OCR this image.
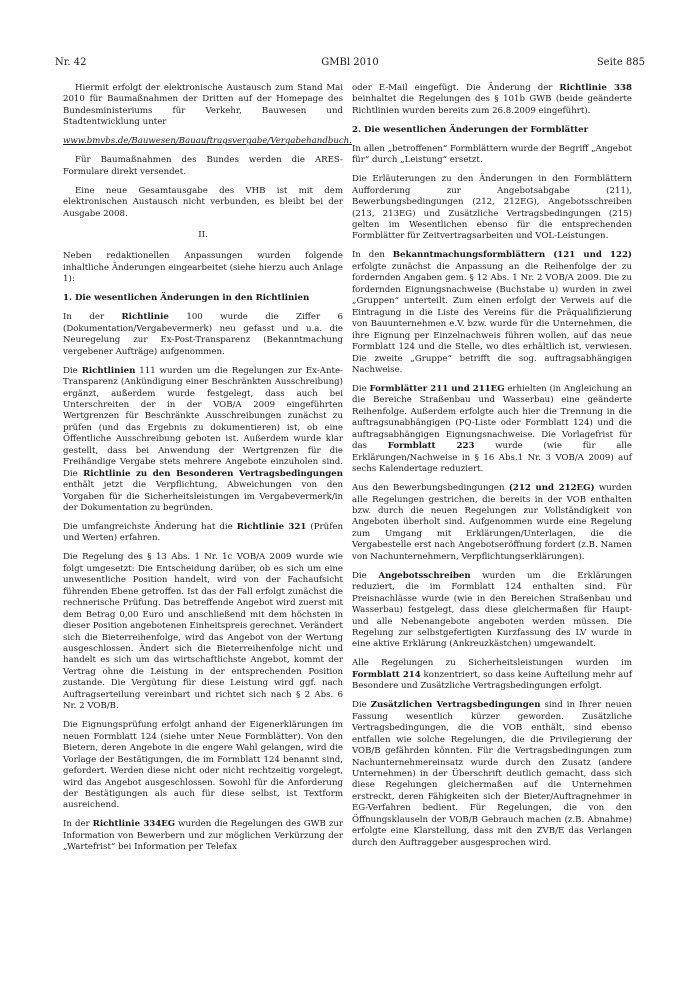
Nr. 42	GMBl 2010	Seite 885

Hiermit erfolgt der elektronische Austausch zum Stand Mai 2010 für Baumaßnahmen der Dritten auf der Homepage des Bundesministeriums für Verkehr, Bauwesen und Stadtentwicklung unter

www.bmvbs.de/Bauwesen/Bauauftragsvergabe/Vergabehandbuch.

Für Baumaßnahmen des Bundes werden die ARES-Formulare direkt versendet.

Eine neue Gesamtausgabe des VHB ist mit dem elektronischen Austausch nicht verbunden, es bleibt bei der Ausgabe 2008.

II.

Neben redaktionellen Anpassungen wurden folgende inhaltliche Änderungen eingearbeitet (siehe hierzu auch Anlage 1):

1. Die wesentlichen Änderungen in den Richtlinien

In der Richtlinie 100 wurde die Ziffer 6 (Dokumentation/Vergabevermerk) neu gefasst und u.a. die Neuregelung zur Ex-Post-Transparenz (Bekanntmachung vergebener Aufträge) aufgenommen.

Die Richtlinien 111 wurden um die Regelungen zur Ex-Ante-Transparenz (Ankündigung einer Beschränkten Ausschreibung) ergänzt, außerdem wurde festgelegt, dass auch bei Unterschreiten der in der VOB/A 2009 eingeführten Wertgrenzen für Beschränkte Ausschreibungen zunächst zu prüfen (und das Ergebnis zu dokumentieren) ist, ob eine Öffentliche Ausschreibung geboten ist. Außerdem wurde klar gestellt, dass bei Anwendung der Wertgrenzen für die Freihändige Vergabe stets mehrere Angebote einzuholen sind. Die Richtlinie zu den Besonderen Vertragsbedingungen enthält jetzt die Verpflichtung, Abweichungen von den Vorgaben für die Sicherheitsleistungen im Vergabevermerk/in der Dokumentation zu begründen.

Die umfangreichste Änderung hat die Richtlinie 321 (Prüfen und Werten) erfahren.

Die Regelung des § 13 Abs. 1 Nr. 1c VOB/A 2009 wurde wie folgt umgesetzt: Die Entscheidung darüber, ob es sich um eine unwesentliche Position handelt, wird von der Fachaufsicht führenden Ebene getroffen. Ist das der Fall erfolgt zunächst die rechnerische Prüfung. Das betreffende Angebot wird zuerst mit dem Betrag 0,00 Euro und anschließend mit dem höchsten in dieser Position angebotenen Einheitspreis gerechnet. Verändert sich die Bieterreihenfolge, wird das Angebot von der Wertung ausgeschlossen. Ändert sich die Bieterreihenfolge nicht und handelt es sich um das wirtschaftlichste Angebot, kommt der Vertrag ohne die Leistung in der entsprechenden Position zustande. Die Vergütung für diese Leistung wird ggf. nach Auftragserteilung vereinbart und richtet sich nach § 2 Abs. 6 Nr. 2 VOB/B.

Die Eignungsprüfung erfolgt anhand der Eigenerklärungen im neuen Formblatt 124 (siehe unter Neue Formblätter). Von den Bietern, deren Angebote in die engere Wahl gelangen, wird die Vorlage der Bestätigungen, die im Formblatt 124 benannt sind, gefordert. Werden diese nicht oder nicht rechtzeitig vorgelegt, wird das Angebot ausgeschlossen. Sowohl für die Anforderung der Bestätigungen als auch für diese selbst, ist Textform ausreichend.

In der Richtlinie 334EG wurden die Regelungen des GWB zur Information von Bewerbern und zur möglichen Verkürzung der „Wartefrist“ bei Information per Telefax

oder E-Mail eingefügt. Die Änderung der Richtlinie 338 beinhaltet die Regelungen des § 101b GWB (beide geänderte Richtlinien wurden bereits zum 26.8.2009 eingeführt).

2. Die wesentlichen Änderungen der Formblätter

In allen „betroffenen“ Formblättern wurde der Begriff „Angebot für“ durch „Leistung“ ersetzt.

Die Erläuterungen zu den Änderungen in den Formblättern Aufforderung zur Angebotsabgabe (211), Bewerbungsbedingungen (212, 212EG), Angebotsschreiben (213, 213EG) und Zusätzliche Vertragsbedingungen (215) gelten im Wesentlichen ebenso für die entsprechenden Formblätter für Zeitvertragsarbeiten und VOL-Leistungen.

In den Bekanntmachungsformblättern (121 und 122) erfolgte zunächst die Anpassung an die Reihenfolge der zu fordernden Angaben gem. § 12 Abs. 1 Nr. 2 VOB/A 2009. Die zu fordernden Eignungsnachweise (Buchstabe u) wurden in zwei „Gruppen“ unterteilt. Zum einen erfolgt der Verweis auf die Eintragung in die Liste des Vereins für die Präqualifizierung von Bauunternehmen e.V. bzw. wurde für die Unternehmen, die ihre Eignung per Einzelnachweis führen wollen, auf das neue Formblatt 124 und die Stelle, wo dies erhältlich ist, verwiesen. Die zweite „Gruppe“ betrifft die sog. auftragsabhängigen Nachweise.

Die Formblätter 211 und 211EG erhielten (in Angleichung an die Bereiche Straßenbau und Wasserbau) eine geänderte Reihenfolge. Außerdem erfolgte auch hier die Trennung in die auftragsunabhängigen (PQ-Liste oder Formblatt 124) und die auftragsabhängigen Eignungsnachweise. Die Vorlagefrist für das Formblatt 223 wurde (wie für alle Erklärungen/Nachweise in § 16 Abs.1 Nr. 3 VOB/A 2009) auf sechs Kalendertage reduziert.

Aus den Bewerbungsbedingungen (212 und 212EG) wurden alle Regelungen gestrichen, die bereits in der VOB enthalten bzw. durch die neuen Regelungen zur Vollständigkeit von Angeboten überholt sind. Aufgenommen wurde eine Regelung zum Umgang mit Erklärungen/Unterlagen, die die Vergabestelle erst nach Angebotseröffnung fordert (z.B. Namen von Nachunternehmern, Verpflichtungserklärungen).

Die Angebotsschreiben wurden um die Erklärungen reduziert, die im Formblatt 124 enthalten sind. Für Preisnachlässe wurde (wie in den Bereichen Straßenbau und Wasserbau) festgelegt, dass diese gleichermaßen für Haupt- und alle Nebenangebote angeboten werden müssen. Die Regelung zur selbstgefertigten Kurzfassung des LV wurde in eine aktive Erklärung (Ankreuzkästchen) umgewandelt.

Alle Regelungen zu Sicherheitsleistungen wurden im Formblatt 214 konzentriert, so dass keine Aufteilung mehr auf Besondere und Zusätzliche Vertragsbedingungen erfolgt.

Die Zusätzlichen Vertragsbedingungen sind in Ihrer neuen Fassung wesentlich kürzer geworden. Zusätzliche Vertragsbedingungen, die die VOB enthält, sind ebenso entfallen wie solche Regelungen, die die Privilegierung der VOB/B gefährden könnten. Für die Vertragsbedingungen zum Nachunternehmereinsatz wurde durch den Zusatz (andere Unternehmen) in der Überschrift deutlich gemacht, dass sich diese Regelungen gleichermaßen auf die Unternehmen erstreckt, deren Fähigkeiten sich der Bieter/Auftragnehmer in EG-Verfahren bedient. Für Regelungen, die von den Öffnungsklauseln der VOB/B Gebrauch machen (z.B. Abnahme) erfolgte eine Klarstellung, dass mit den ZVB/E das Verlangen durch den Auftraggeber ausgesprochen wird.
